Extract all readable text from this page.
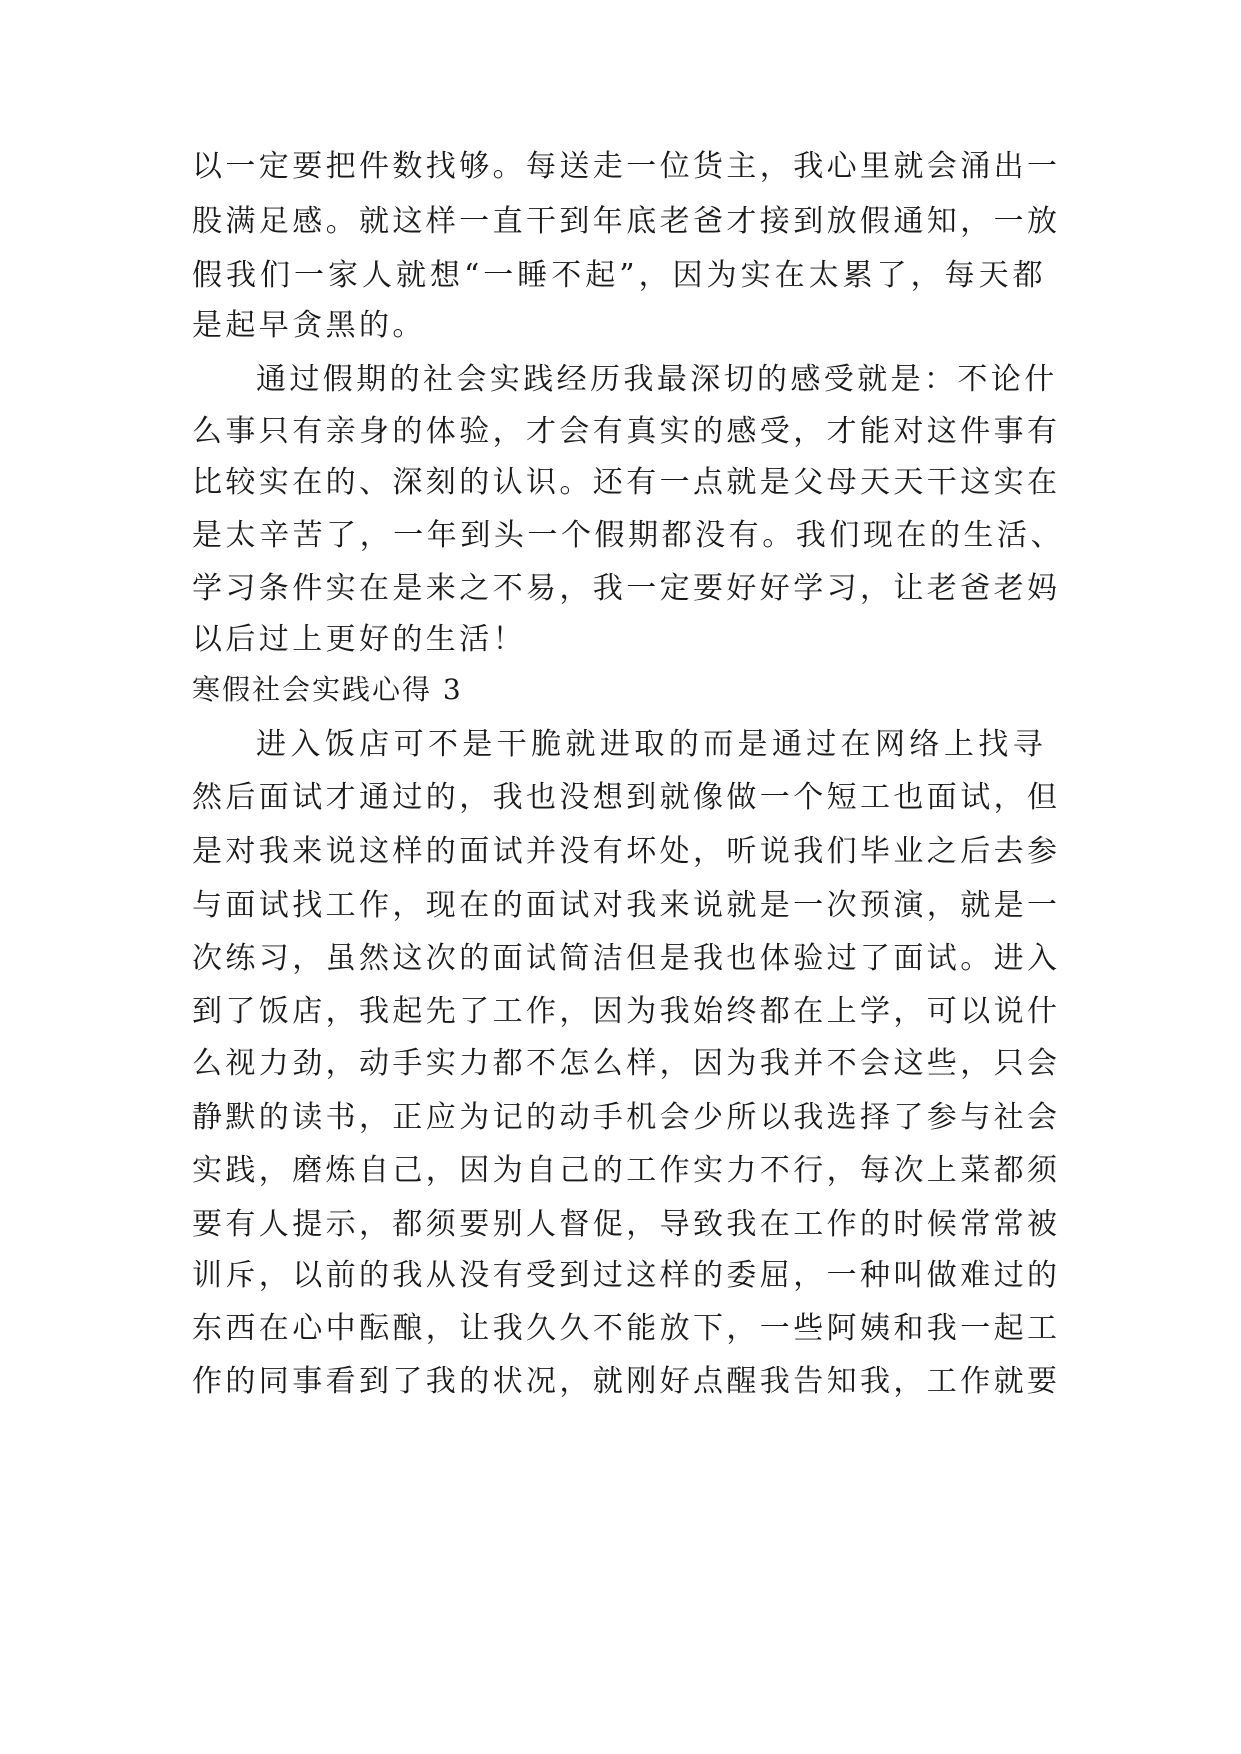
以一定要把件数找够。每送走一位货主，我心里就会涌出一
股满足感。就这样一直干到年底老爸才接到放假通知，一放
假我们一家人就想“一睡不起”，因为实在太累了，每天都
是起早贪黑的。
通过假期的社会实践经历我最深切的感受就是：不论什
么事只有亲身的体验，才会有真实的感受，才能对这件事有
比较实在的、深刻的认识。还有一点就是父母天天干这实在
是太辛苦了，一年到头一个假期都没有。我们现在的生活、
学习条件实在是来之不易，我一定要好好学习，让老爸老妈
以后过上更好的生活！
寒假社会实践心得 3
进入饭店可不是干脆就进取的而是通过在网络上找寻
然后面试才通过的，我也没想到就像做一个短工也面试，但
是对我来说这样的面试并没有坏处，听说我们毕业之后去参
与面试找工作，现在的面试对我来说就是一次预演，就是一
次练习，虽然这次的面试简洁但是我也体验过了面试。进入
到了饭店，我起先了工作，因为我始终都在上学，可以说什
么视力劲，动手实力都不怎么样，因为我并不会这些，只会
静默的读书，正应为记的动手机会少所以我选择了参与社会
实践，磨炼自己，因为自己的工作实力不行，每次上菜都须
要有人提示，都须要别人督促，导致我在工作的时候常常被
训斥，以前的我从没有受到过这样的委屈，一种叫做难过的
东西在心中酝酿，让我久久不能放下，一些阿姨和我一起工
作的同事看到了我的状况，就刚好点醒我告知我，工作就要
